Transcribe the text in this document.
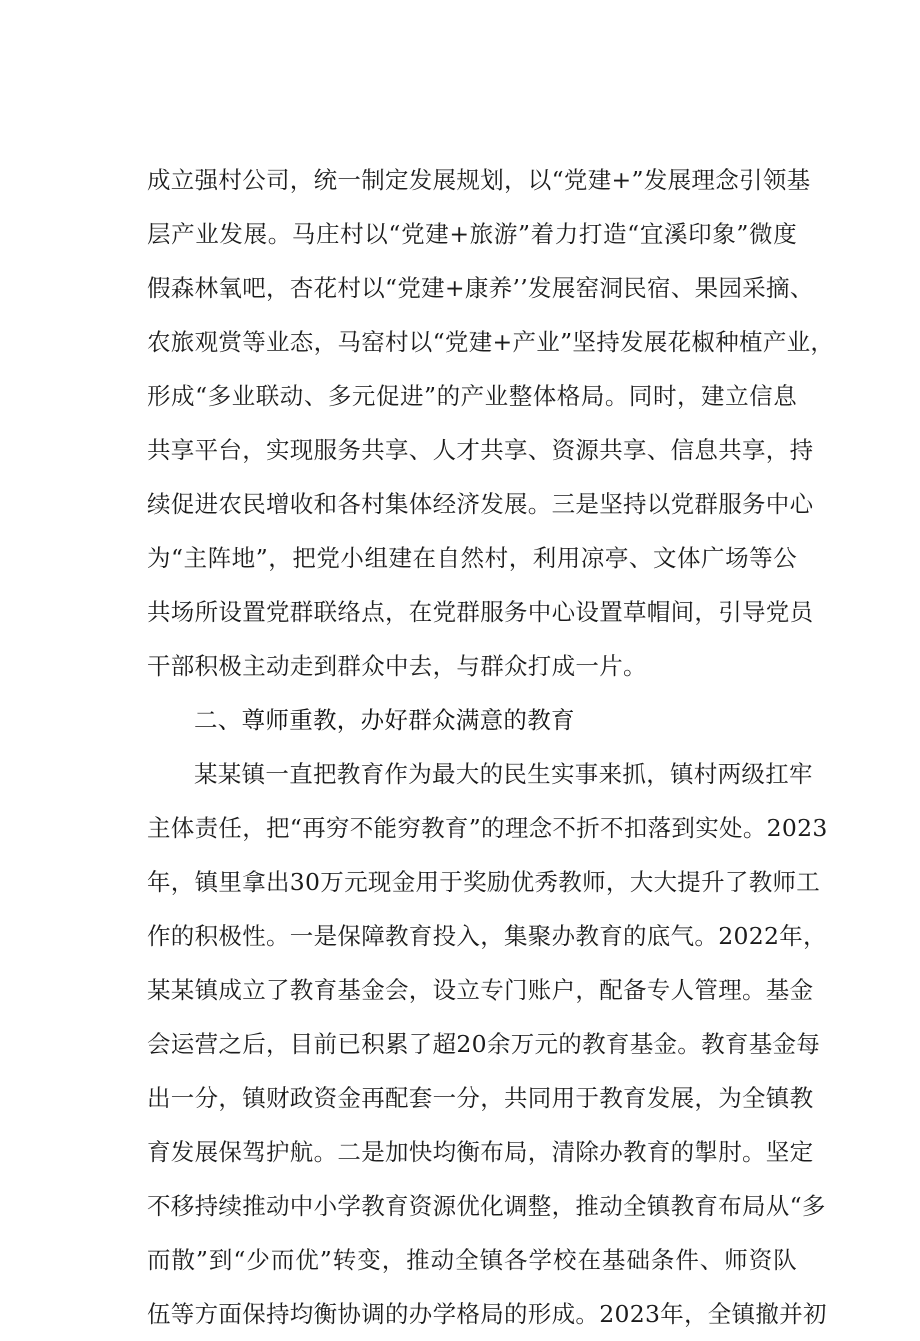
成立强村公司，统一制定发展规划，以“党建+”发展理念引领基
层产业发展。马庄村以“党建+旅游”着力打造“宜溪印象”微度
假森林氧吧，杏花村以“党建+康养’’发展窑洞民宿、果园采摘、
农旅观赏等业态，马窑村以“党建+产业”坚持发展花椒种植产业，
形成“多业联动、多元促进”的产业整体格局。同时，建立信息
共享平台，实现服务共享、人才共享、资源共享、信息共享，持
续促进农民增收和各村集体经济发展。三是坚持以党群服务中心
为“主阵地”，把党小组建在自然村，利用凉亭、文体广场等公
共场所设置党群联络点，在党群服务中心设置草帽间，引导党员
干部积极主动走到群众中去，与群众打成一片。
二、尊师重教，办好群众满意的教育
某某镇一直把教育作为最大的民生实事来抓，镇村两级扛牢
主体责任，把“再穷不能穷教育”的理念不折不扣落到实处。2023
年，镇里拿出30万元现金用于奖励优秀教师，大大提升了教师工
作的积极性。一是保障教育投入，集聚办教育的底气。2022年，
某某镇成立了教育基金会，设立专门账户，配备专人管理。基金
会运营之后，目前已积累了超20余万元的教育基金。教育基金每
出一分，镇财政资金再配套一分，共同用于教育发展，为全镇教
育发展保驾护航。二是加快均衡布局，清除办教育的掣肘。坚定
不移持续推动中小学教育资源优化调整，推动全镇教育布局从“多
而散”到“少而优”转变，推动全镇各学校在基础条件、师资队
伍等方面保持均衡协调的办学格局的形成。2023年，全镇撤并初
